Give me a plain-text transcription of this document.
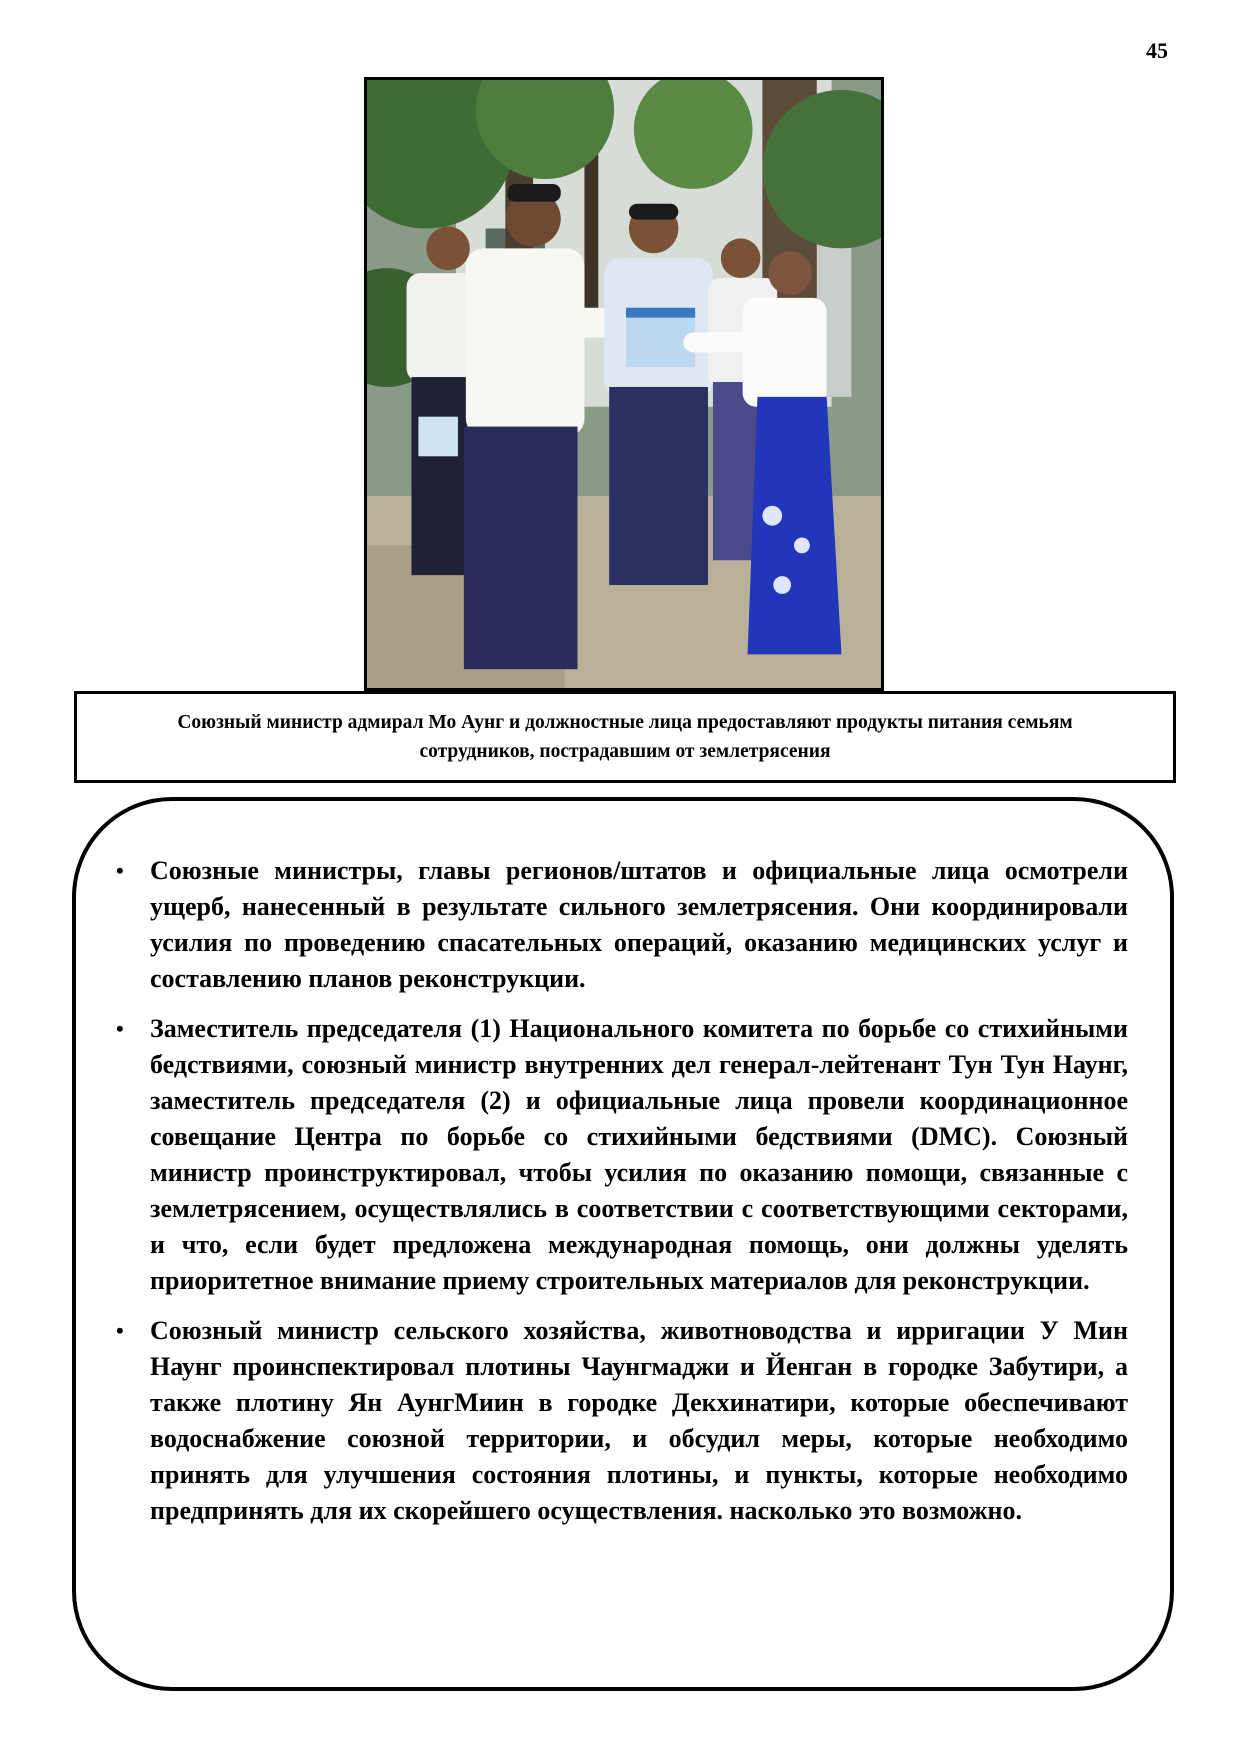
45
Союзный министр адмирал Мо Аунг и должностные лица предоставляют продукты питания семьям
сотрудников, пострадавшим от землетрясения
• Союзные министры, главы регионов/штатов и официальные лица осмотрели ущерб, нанесенный в результате сильного землетрясения. Они координировали усилия по проведению спасательных операций, оказанию медицинских услуг и составлению планов реконструкции.
• Заместитель председателя (1) Национального комитета по борьбе со стихийными бедствиями, союзный министр внутренних дел генерал-лейтенант Тун Тун Наунг, заместитель председателя (2) и официальные лица провели координационное совещание Центра по борьбе со стихийными бедствиями (DMC). Союзный министр проинструктировал, чтобы усилия по оказанию помощи, связанные с землетрясением, осуществлялись в соответствии с соответствующими секторами, и что, если будет предложена международная помощь, они должны уделять приоритетное внимание приему строительных материалов для реконструкции.
• Союзный министр сельского хозяйства, животноводства и ирригации У Мин Наунг проинспектировал плотины Чаунгмаджи и Йенган в городке Забутири, а также плотину Ян АунгМиин в городке Декхинатири, которые обеспечивают водоснабжение союзной территории, и обсудил меры, которые необходимо принять для улучшения состояния плотины, и пункты, которые необходимо предпринять для их скорейшего осуществления. насколько это возможно.
